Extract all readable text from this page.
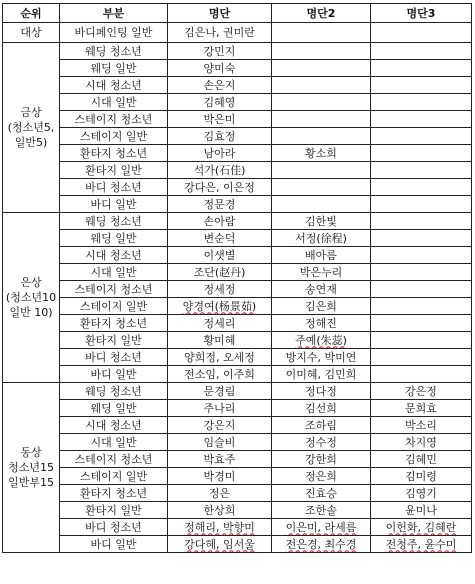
순위	부분	명단	명단2	명단3

대상	바디페인팅 일반	김은나, 권미란		

금상
(청소년5,
일반5)	웨딩 청소년	강민지		
	웨딩 일반	양미숙		
	시대 청소년	손은지		
	시대 일반	김혜영		
	스테이지 청소년	박은미		
	스테이지 일반	김효정		
	환타지 청소년	남아라	황소희	
	환타지 일반	석가(石佳)		
	바디 청소년	강다은, 이은정		
	바디 일반	정문경		

은상
(청소년10
일반 10)	웨딩 청소년	손아람	김한빛	
	웨딩 일반	변순덕	서정(徐程)	
	시대 청소년	이샛별	배아름	
	시대 일반	조단(赵丹)	박은누리	
	스테이지 청소년	정세정	송연재	
	스테이지 일반	양경여(杨景茹)	김은희	
	환타지 청소년	정세리	정해진	
	환타지 일반	황미혜	주예(朱蕊)	
	바디 청소년	양희정, 오세정	방지수, 박미연	
	바디 일반	전소임, 이주희	이미혜, 김민희	

동상
청소년15
일반부15	웨딩 청소년	문경림	정다정	강은정
	웨딩 일반	주나리	김선희	문희효
	시대 청소년	강은지	조하림	박소리
	시대 일반	임슬비	정수정	차지영
	스테이지 청소년	박효주	강한희	김혜민
	스테이지 일반	박경미	정은희	김미령
	환타지 청소년	정은	진효승	김영기
	환타지 일반	한상희	조한솔	윤미나
	바디 청소년	정해리, 박향미	이은미, 라세름	이헌화, 김혜란
	바디 일반	강다혜, 임서울	전은경, 최수경	전청주, 윤수미
